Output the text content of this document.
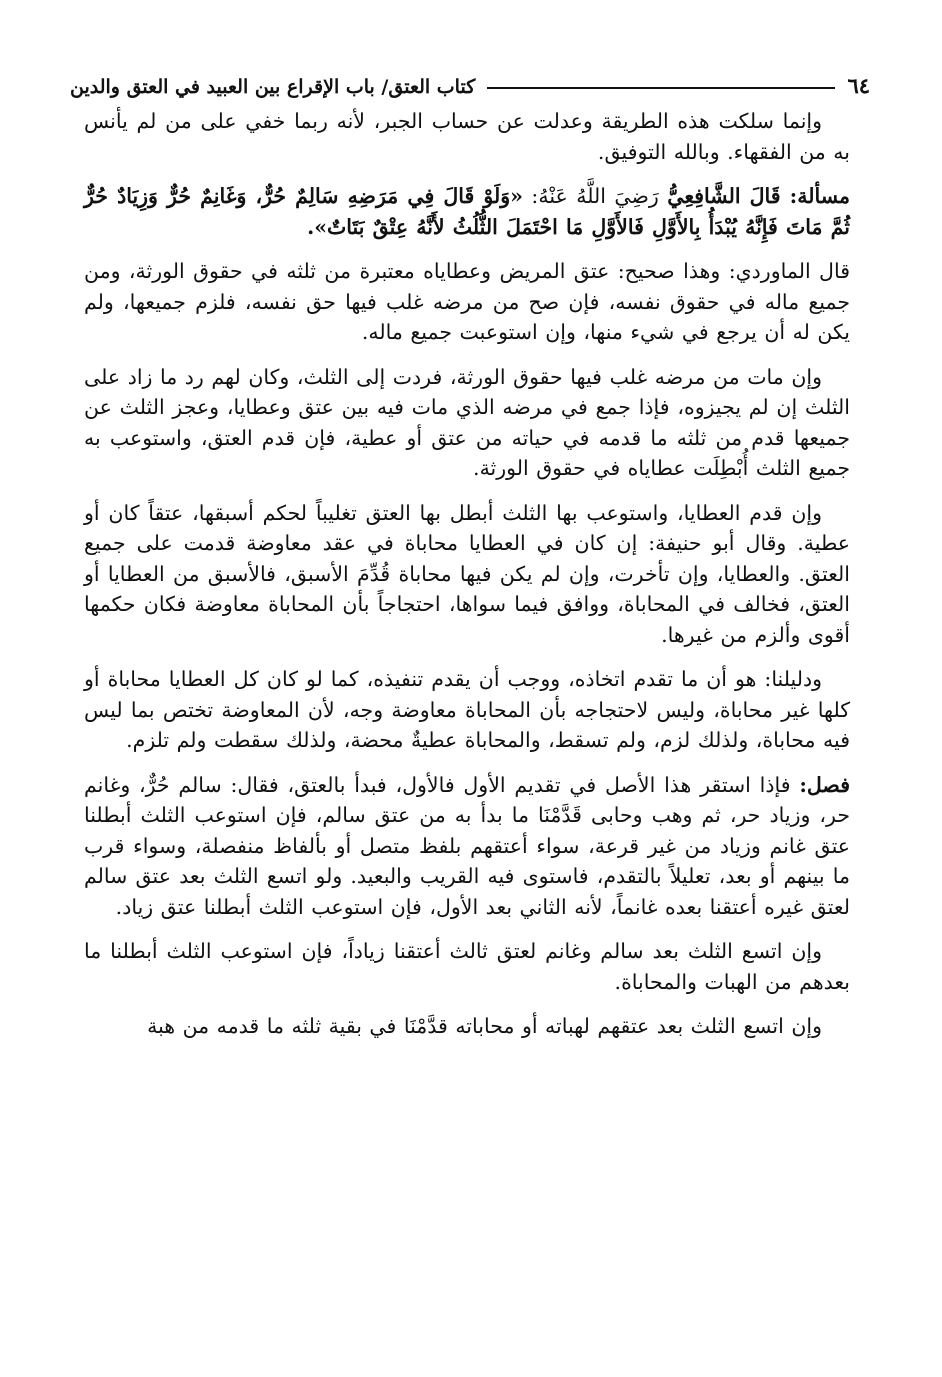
٦٤
كتاب العتق/ باب الإقراع بين العبيد في العتق والدين

وإنما سلكت هذه الطريقة وعدلت عن حساب الجبر، لأنه ربما خفي على من لم يأنس به من الفقهاء. وبالله التوفيق.

مسألة: قَالَ الشَّافِعِيُّ رَضِيَ اللَّهُ عَنْهُ: «وَلَوْ قَالَ فِي مَرَضِهِ سَالِمٌ حُرٌّ، وَغَانِمٌ حُرٌّ وَزِيَادٌ حُرٌّ ثُمَّ مَاتَ فَإِنَّهُ يُبْدَأُ بِالأَوَّلِ فَالأَوَّلِ مَا احْتَمَلَ الثُّلُثُ لأَنَّهُ عِتْقٌ بَتَاتٌ».

قال الماوردي: وهذا صحيح: عتق المريض وعطاياه معتبرة من ثلثه في حقوق الورثة، ومن جميع ماله في حقوق نفسه، فإن صح من مرضه غلب فيها حق نفسه، فلزم جميعها، ولم يكن له أن يرجع في شيء منها، وإن استوعبت جميع ماله.

وإن مات من مرضه غلب فيها حقوق الورثة، فردت إلى الثلث، وكان لهم رد ما زاد على الثلث إن لم يجيزوه، فإذا جمع في مرضه الذي مات فيه بين عتق وعطايا، وعجز الثلث عن جميعها قدم من ثلثه ما قدمه في حياته من عتق أو عطية، فإن قدم العتق، واستوعب به جميع الثلث أُبْطِلَت عطاياه في حقوق الورثة.

وإن قدم العطايا، واستوعب بها الثلث أبطل بها العتق تغليباً لحكم أسبقها، عتقاً كان أو عطية. وقال أبو حنيفة: إن كان في العطايا محاباة في عقد معاوضة قدمت على جميع العتق. والعطايا، وإن تأخرت، وإن لم يكن فيها محاباة قُدِّمَ الأسبق، فالأسبق من العطايا أو العتق، فخالف في المحاباة، ووافق فيما سواها، احتجاجاً بأن المحاباة معاوضة فكان حكمها أقوى وألزم من غيرها.

ودليلنا: هو أن ما تقدم اتخاذه، ووجب أن يقدم تنفيذه، كما لو كان كل العطايا محاباة أو كلها غير محاباة، وليس لاحتجاجه بأن المحاباة معاوضة وجه، لأن المعاوضة تختص بما ليس فيه محاباة، ولذلك لزم، ولم تسقط، والمحاباة عطيةٌ محضة، ولذلك سقطت ولم تلزم.

فصل: فإذا استقر هذا الأصل في تقديم الأول فالأول، فبدأ بالعتق، فقال: سالم حُرٌّ، وغانم حر، وزياد حر، ثم وهب وحابى قَدَّمْنَا ما بدأ به من عتق سالم، فإن استوعب الثلث أبطلنا عتق غانم وزياد من غير قرعة، سواء أعتقهم بلفظ متصل أو بألفاظ منفصلة، وسواء قرب ما بينهم أو بعد، تعليلاً بالتقدم، فاستوى فيه القريب والبعيد. ولو اتسع الثلث بعد عتق سالم لعتق غيره أعتقنا بعده غانماً، لأنه الثاني بعد الأول، فإن استوعب الثلث أبطلنا عتق زياد.

وإن اتسع الثلث بعد سالم وغانم لعتق ثالث أعتقنا زياداً، فإن استوعب الثلث أبطلنا ما بعدهم من الهبات والمحاباة.

وإن اتسع الثلث بعد عتقهم لهباته أو محاباته قدَّمْنَا في بقية ثلثه ما قدمه من هبة
